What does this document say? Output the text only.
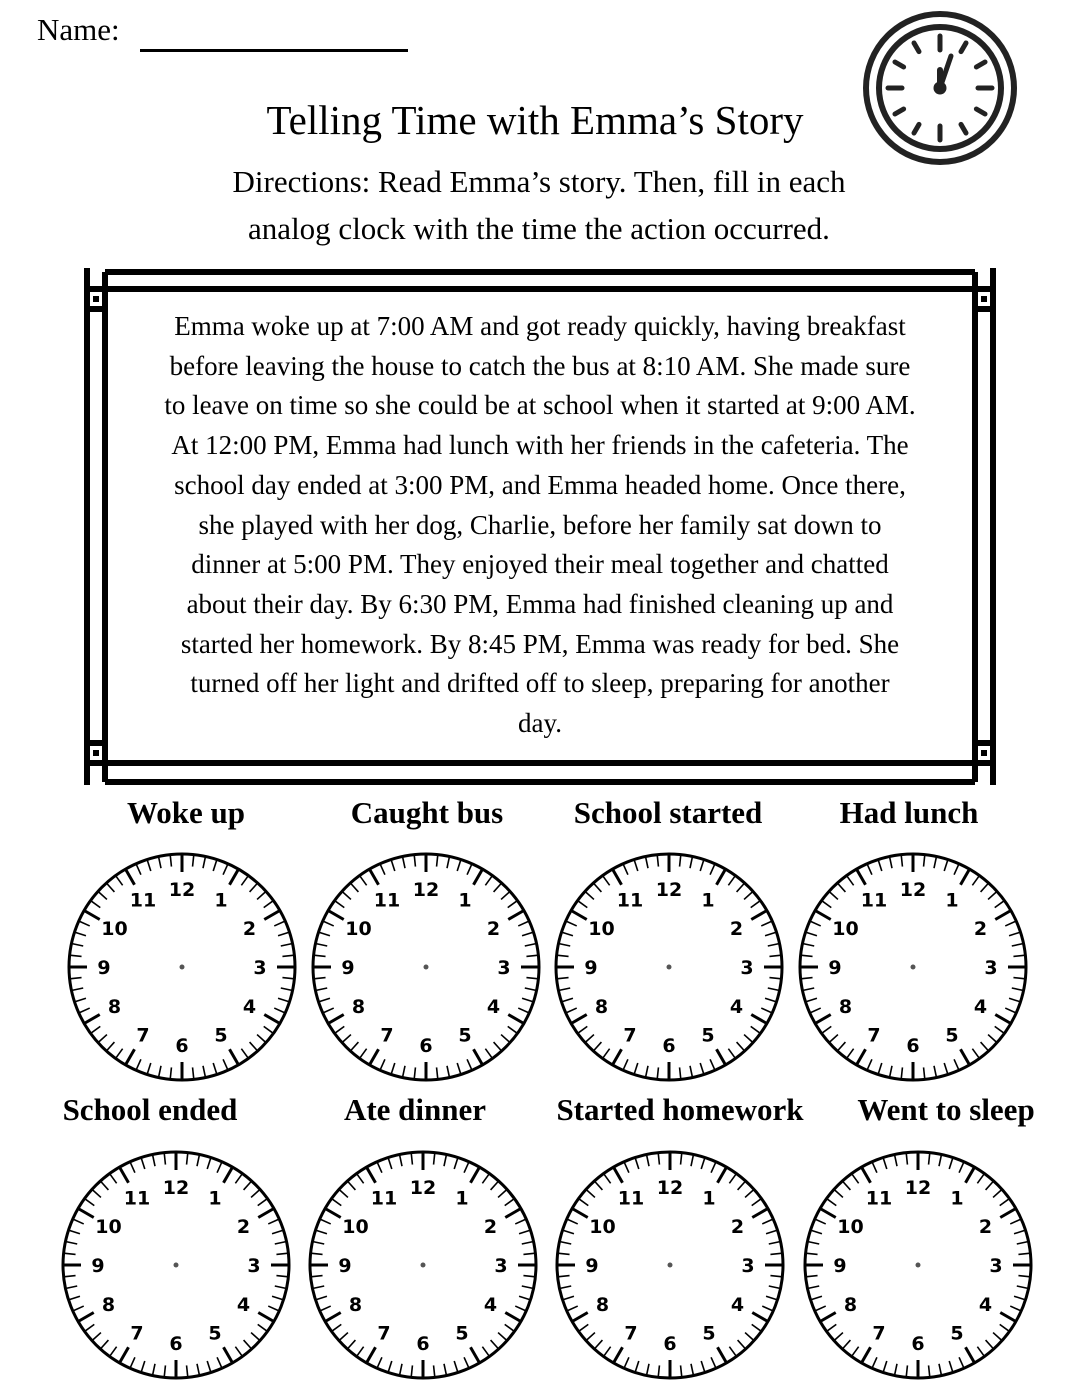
Name:
Telling Time with Emma’s Story
Directions: Read Emma’s story. Then, fill in each
analog clock with the time the action occurred.
12 1
2
3
4
5
6
7
8
9
10
11	12 1
2
3
4
5
6
7
8
9
10
11	12 1
2
3
4
5
6
7
8
9
10
11	12 1
2
3
4
5
6
7
8
9
10
11
12 1
2
3
4
5
6
7
8
9
10
11	12 1
2
3
4
5
6
7
8
9
10
11	12 1
2
3
4
5
6
7
8
9
10
11	12 1
2
3
4
5
6
7
8
9
10
11
Emma woke up at 7:00 AM and got ready quickly, having breakfast
before leaving the house to catch the bus at 8:10 AM. She made sure
to leave on time so she could be at school when it started at 9:00 AM.
At 12:00 PM, Emma had lunch with her friends in the cafeteria. The
school day ended at 3:00 PM, and Emma headed home. Once there,
she played with her dog, Charlie, before her family sat down to
dinner at 5:00 PM. They enjoyed their meal together and chatted
about their day. By 6:30 PM, Emma had finished cleaning up and
started her homework. By 8:45 PM, Emma was ready for bed. She
turned off her light and drifted off to sleep, preparing for another
day.
Woke up	Caught bus School started Had lunch
School ended	Ate dinner Started homework Went to sleep
